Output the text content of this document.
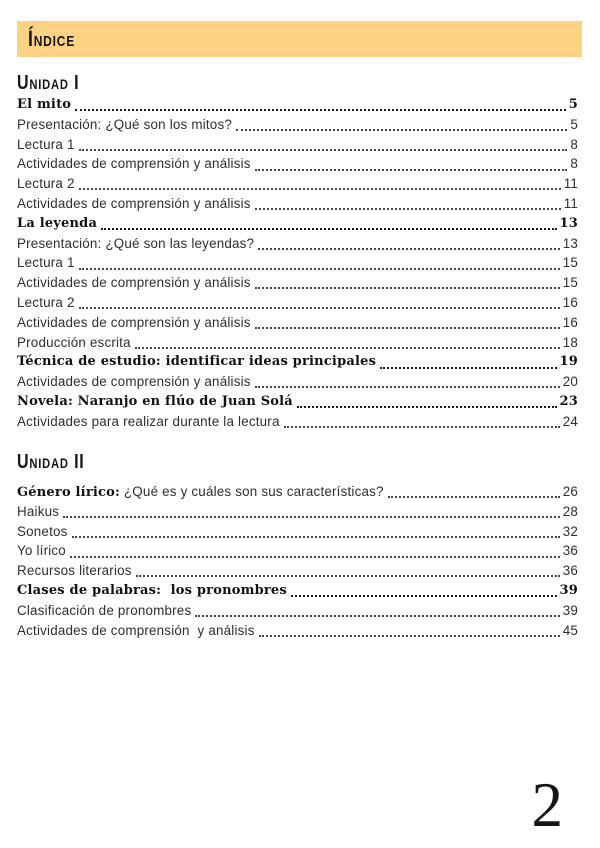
Índice
Unidad I
El mito	5
Presentación: ¿Qué son los mitos?	5
Lectura 1	8
Actividades de comprensión y análisis	8
Lectura 2	11
Actividades de comprensión y análisis	11
La leyenda	13
Presentación: ¿Qué son las leyendas?	13
Lectura 1	15
Actividades de comprensión y análisis	15
Lectura 2	16
Actividades de comprensión y análisis	16
Producción escrita	18
Técnica de estudio: identificar ideas principales	19
Actividades de comprensión y análisis	20
Novela: Naranjo en flúo de Juan Solá	23
Actividades para realizar durante la lectura	24
Unidad II
Género lírico: ¿Qué es y cuáles son sus características?	26
Haikus	28
Sonetos	32
Yo lírico	36
Recursos literarios	36
Clases de palabras:  los pronombres	39
Clasificación de pronombres	39
Actividades de comprensión  y análisis	45
2
